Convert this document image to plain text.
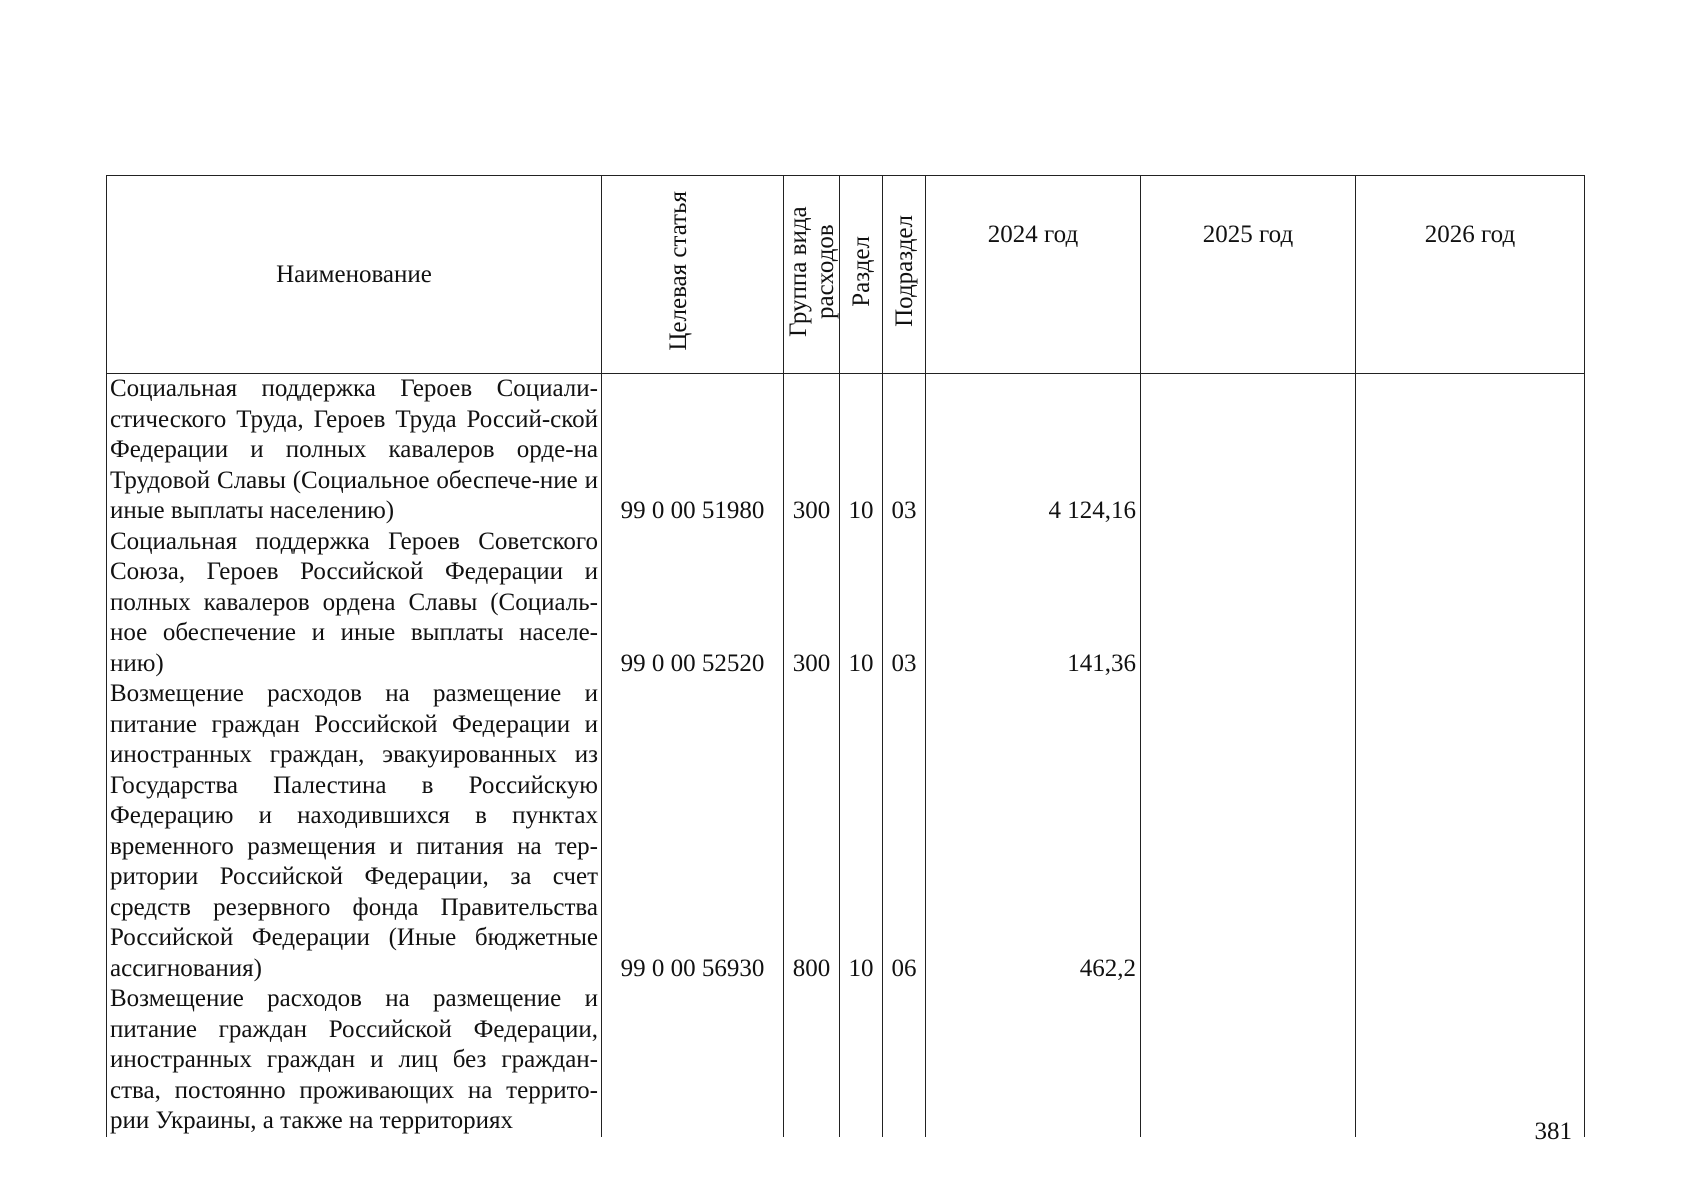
Наименование	Целевая статья	Группа вида расходов	Раздел	Подраздел	2024 год	2025 год	2026 год
Социальная поддержка Героев Социали-стического Труда, Героев Труда Россий-ской Федерации и полных кавалеров орде-на Трудовой Славы (Социальное обеспече-ние и иные выплаты населению)	99 0 00 51980	300	10	03	4 124,16		
Социальная поддержка Героев Советского Союза, Героев Российской Федерации и полных кавалеров ордена Славы (Социаль-ное обеспечение и иные выплаты населе-нию)	99 0 00 52520	300	10	03	141,36		
Возмещение расходов на размещение и питание граждан Российской Федерации и иностранных граждан, эвакуированных из Государства Палестина в Российскую Федерацию и находившихся в пунктах временного размещения и питания на тер-ритории Российской Федерации, за счет средств резервного фонда Правительства Российской Федерации (Иные бюджетные ассигнования)	99 0 00 56930	800	10	06	462,2		
Возмещение расходов на размещение и питание граждан Российской Федерации, иностранных граждан и лиц без граждан-ства, постоянно проживающих на террито-рии Украины, а также на территориях								381
